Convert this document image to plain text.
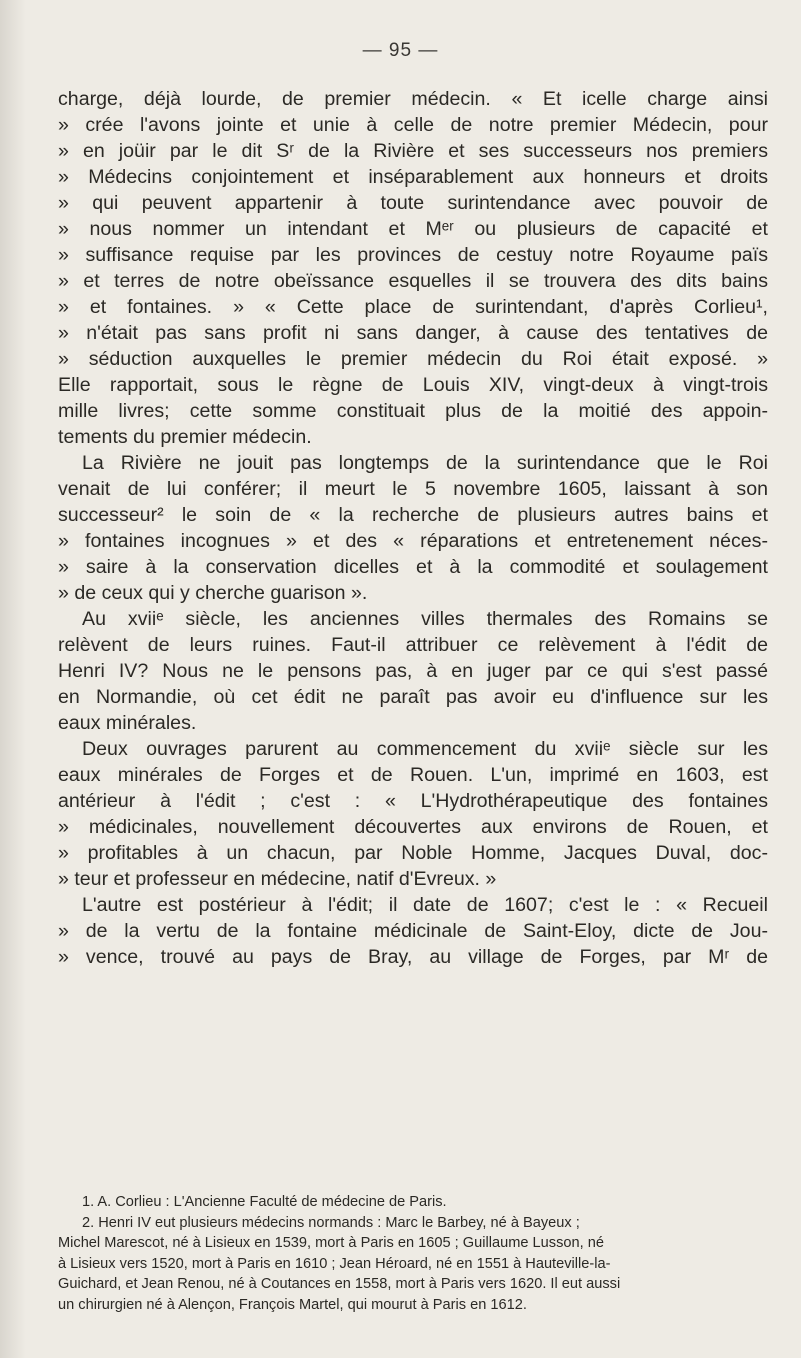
— 95 —
charge, déjà lourde, de premier médecin. « Et icelle charge ainsi
» crée l'avons jointe et unie à celle de notre premier Médecin, pour
» en joüir par le dit Sʳ de la Rivière et ses successeurs nos premiers
» Médecins conjointement et inséparablement aux honneurs et droits
» qui peuvent appartenir à toute surintendance avec pouvoir de
» nous nommer un intendant et Mᵉʳ ou plusieurs de capacité et
» suffisance requise par les provinces de cestuy notre Royaume païs
» et terres de notre obeïssance esquelles il se trouvera des dits bains
» et fontaines. » « Cette place de surintendant, d'après Corlieu¹,
» n'était pas sans profit ni sans danger, à cause des tentatives de
» séduction auxquelles le premier médecin du Roi était exposé. »
Elle rapportait, sous le règne de Louis XIV, vingt-deux à vingt-trois
mille livres; cette somme constituait plus de la moitié des appoin-
tements du premier médecin.
La Rivière ne jouit pas longtemps de la surintendance que le Roi
venait de lui conférer; il meurt le 5 novembre 1605, laissant à son
successeur² le soin de « la recherche de plusieurs autres bains et
» fontaines incognues » et des « réparations et entretenement néces-
» saire à la conservation dicelles et à la commodité et soulagement
» de ceux qui y cherche guarison ».
Au xviiᵉ siècle, les anciennes villes thermales des Romains se
relèvent de leurs ruines. Faut-il attribuer ce relèvement à l'édit de
Henri IV? Nous ne le pensons pas, à en juger par ce qui s'est passé
en Normandie, où cet édit ne paraît pas avoir eu d'influence sur les
eaux minérales.
Deux ouvrages parurent au commencement du xviiᵉ siècle sur les
eaux minérales de Forges et de Rouen. L'un, imprimé en 1603, est
antérieur à l'édit ; c'est : « L'Hydrothérapeutique des fontaines
» médicinales, nouvellement découvertes aux environs de Rouen, et
» profitables à un chacun, par Noble Homme, Jacques Duval, doc-
» teur et professeur en médecine, natif d'Evreux. »
L'autre est postérieur à l'édit; il date de 1607; c'est le : « Recueil
» de la vertu de la fontaine médicinale de Saint-Eloy, dicte de Jou-
» vence, trouvé au pays de Bray, au village de Forges, par Mʳ de
1. A. Corlieu : L'Ancienne Faculté de médecine de Paris.
2. Henri IV eut plusieurs médecins normands : Marc le Barbey, né à Bayeux ;
Michel Marescot, né à Lisieux en 1539, mort à Paris en 1605 ; Guillaume Lusson, né
à Lisieux vers 1520, mort à Paris en 1610 ; Jean Héroard, né en 1551 à Hauteville-la-
Guichard, et Jean Renou, né à Coutances en 1558, mort à Paris vers 1620. Il eut aussi
un chirurgien né à Alençon, François Martel, qui mourut à Paris en 1612.
